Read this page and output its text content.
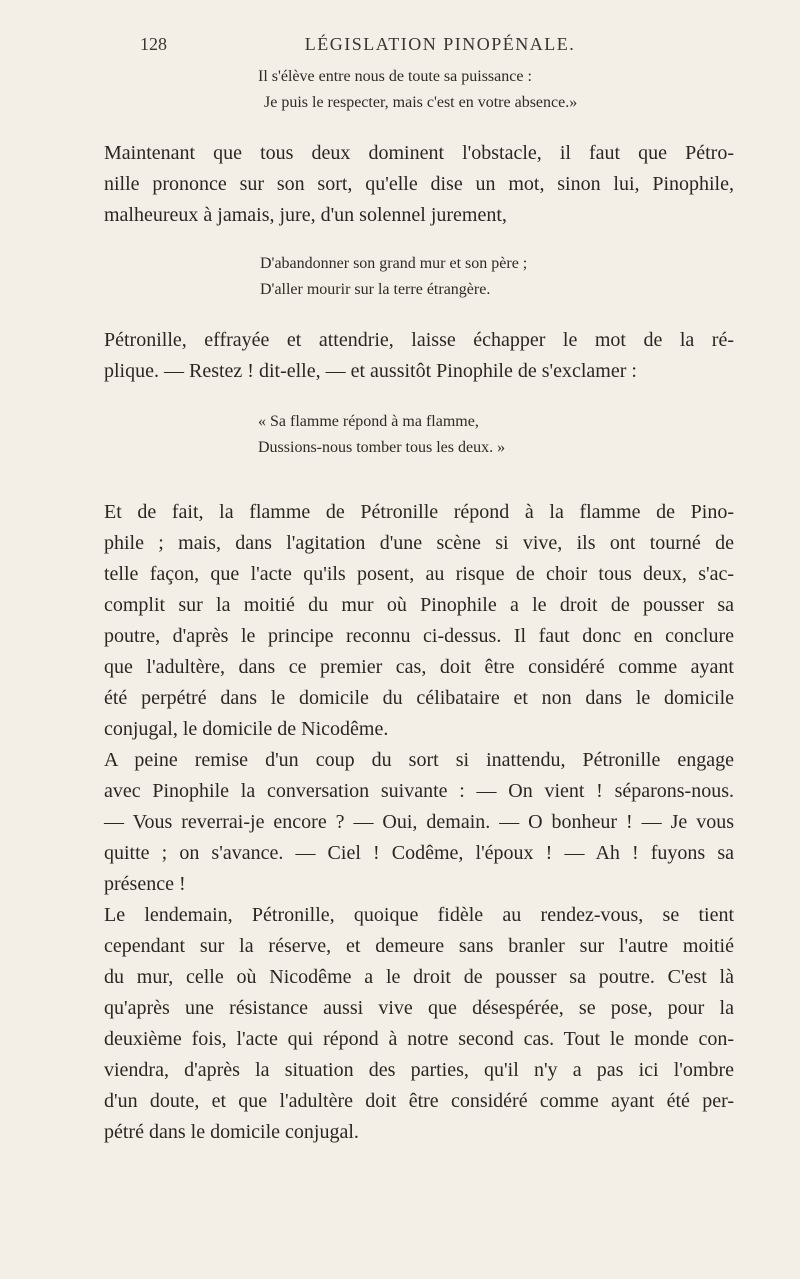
128	LÉGISLATION PINOPÉNALE.
Il s'élève entre nous de toute sa puissance :
Je puis le respecter, mais c'est en votre absence.»
Maintenant que tous deux dominent l'obstacle, il faut que Pétro-
nille prononce sur son sort, qu'elle dise un mot, sinon lui, Pinophile,
malheureux à jamais, jure, d'un solennel jurement,
D'abandonner son grand mur et son père ;
D'aller mourir sur la terre étrangère.
Pétronille, effrayée et attendrie, laisse échapper le mot de la ré-
plique. — Restez ! dit-elle, — et aussitôt Pinophile de s'exclamer :
« Sa flamme répond à ma flamme,
Dussions-nous tomber tous les deux. »
Et de fait, la flamme de Pétronille répond à la flamme de Pino-
phile ; mais, dans l'agitation d'une scène si vive, ils ont tourné de
telle façon, que l'acte qu'ils posent, au risque de choir tous deux, s'ac-
complit sur la moitié du mur où Pinophile a le droit de pousser sa
poutre, d'après le principe reconnu ci-dessus. Il faut donc en conclure
que l'adultère, dans ce premier cas, doit être considéré comme ayant
été perpétré dans le domicile du célibataire et non dans le domicile
conjugal, le domicile de Nicodême.
A peine remise d'un coup du sort si inattendu, Pétronille engage
avec Pinophile la conversation suivante : — On vient ! séparons-nous.
— Vous reverrai-je encore ? — Oui, demain. — O bonheur ! — Je vous
quitte ; on s'avance. — Ciel ! Codême, l'époux ! — Ah ! fuyons sa
présence !
Le lendemain, Pétronille, quoique fidèle au rendez-vous, se tient
cependant sur la réserve, et demeure sans branler sur l'autre moitié
du mur, celle où Nicodême a le droit de pousser sa poutre. C'est là
qu'après une résistance aussi vive que désespérée, se pose, pour la
deuxième fois, l'acte qui répond à notre second cas. Tout le monde con-
viendra, d'après la situation des parties, qu'il n'y a pas ici l'ombre
d'un doute, et que l'adultère doit être considéré comme ayant été per-
pétré dans le domicile conjugal.
